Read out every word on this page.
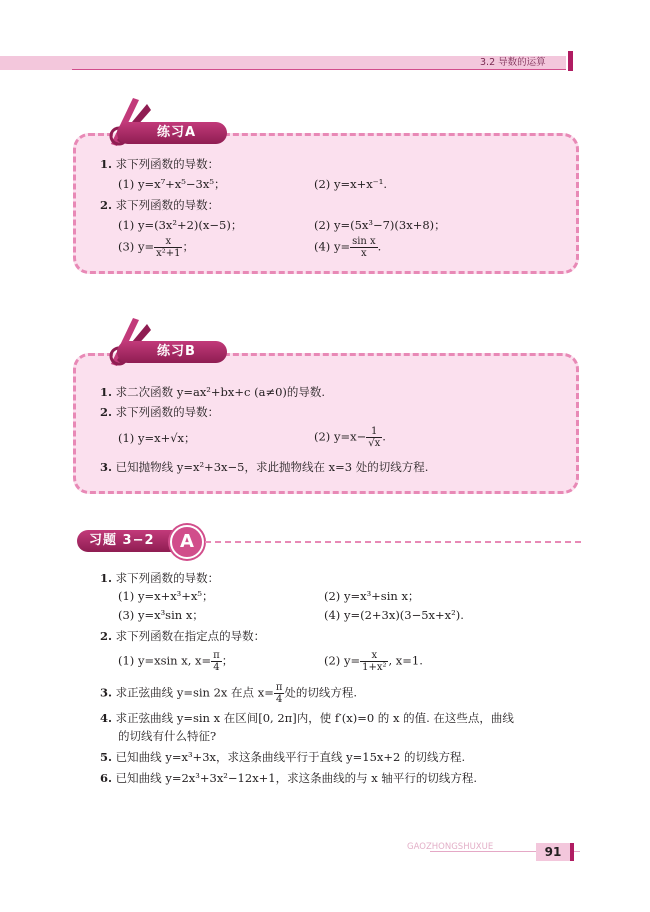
3.2 导数的运算
练习A
1. 求下列函数的导数：
(1) y=x⁷+x⁵−3x⁵；	(2) y=x+x⁻¹.
2. 求下列函数的导数：
(1) y=(3x²+2)(x−5)；	(2) y=(5x³−7)(3x+8)；
(3) $y= \frac{x}{\text{x²+1}}$ ；	(4) $y= \frac{\text{sin x}}{x}$ .
练习B
1. 求二次函数 y=ax²+bx+c (a≠0)的导数.
2. 求下列函数的导数：
(1) y=x+√x；	(2) $y=x- \frac{1}{√x}$ .
3. 已知抛物线 y=x²+3x−5，求此抛物线在 x=3 处的切线方程.
习题 3−2	A
1. 求下列函数的导数：
(1) y=x+x³+x⁵；	(2) y=x³+sin x；
(3) y=x³sin x；	(4) y=(2+3x)(3−5x+x²).
2. 求下列函数在指定点的导数：
(1) y=xsin x, $x= \frac{\pi}{4}$ ；	(2) $y= \frac{x}{\text{1+x²}}$ , x=1.
3. 求正弦曲线 y=sin 2x 在点 $x= \frac{\pi}{4}$ 处的切线方程.
4. 求正弦曲线 y=sin x 在区间[0, 2π]内，使 f′(x)=0 的 x 的值. 在这些点，曲线
的切线有什么特征?
5. 已知曲线 y=x³+3x，求这条曲线平行于直线 y=15x+2 的切线方程.
6. 已知曲线 y=2x³+3x²−12x+1，求这条曲线的与 x 轴平行的切线方程.
GAOZHONGSHUXUE	91
